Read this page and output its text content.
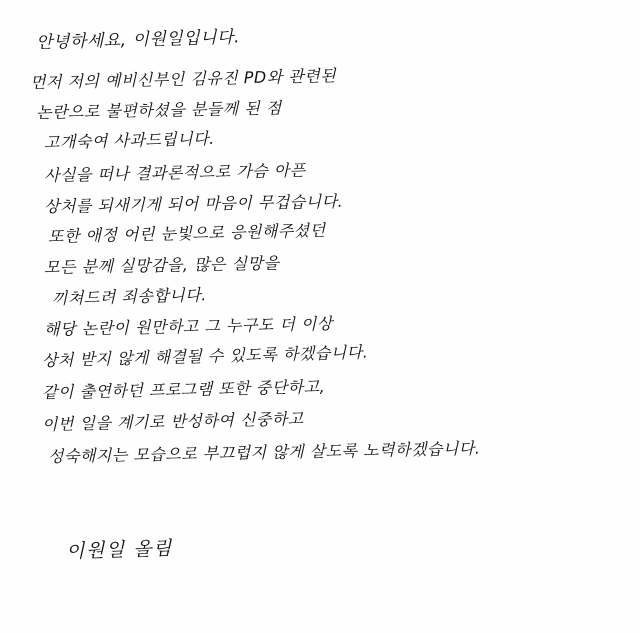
안녕하세요, 이원일입니다.
먼저 저의 예비신부인 김유진 PD와 관련된
논란으로 불편하셨을 분들께 된 점
고개숙여 사과드립니다.
사실을 떠나 결과론적으로 가슴 아픈
상처를 되새기게 되어 마음이 무겁습니다.
또한 애정 어린 눈빛으로 응원해주셨던
모든 분께 실망감을, 많은 실망을
끼쳐드려 죄송합니다.
해당 논란이 원만하고 그 누구도 더 이상
상처 받지 않게 해결될 수 있도록 하겠습니다.
같이 출연하던 프로그램 또한 중단하고,
이번 일을 계기로 반성하여 신중하고
성숙해지는 모습으로 부끄럽지 않게 살도록 노력하겠습니다.
이원일 올림
